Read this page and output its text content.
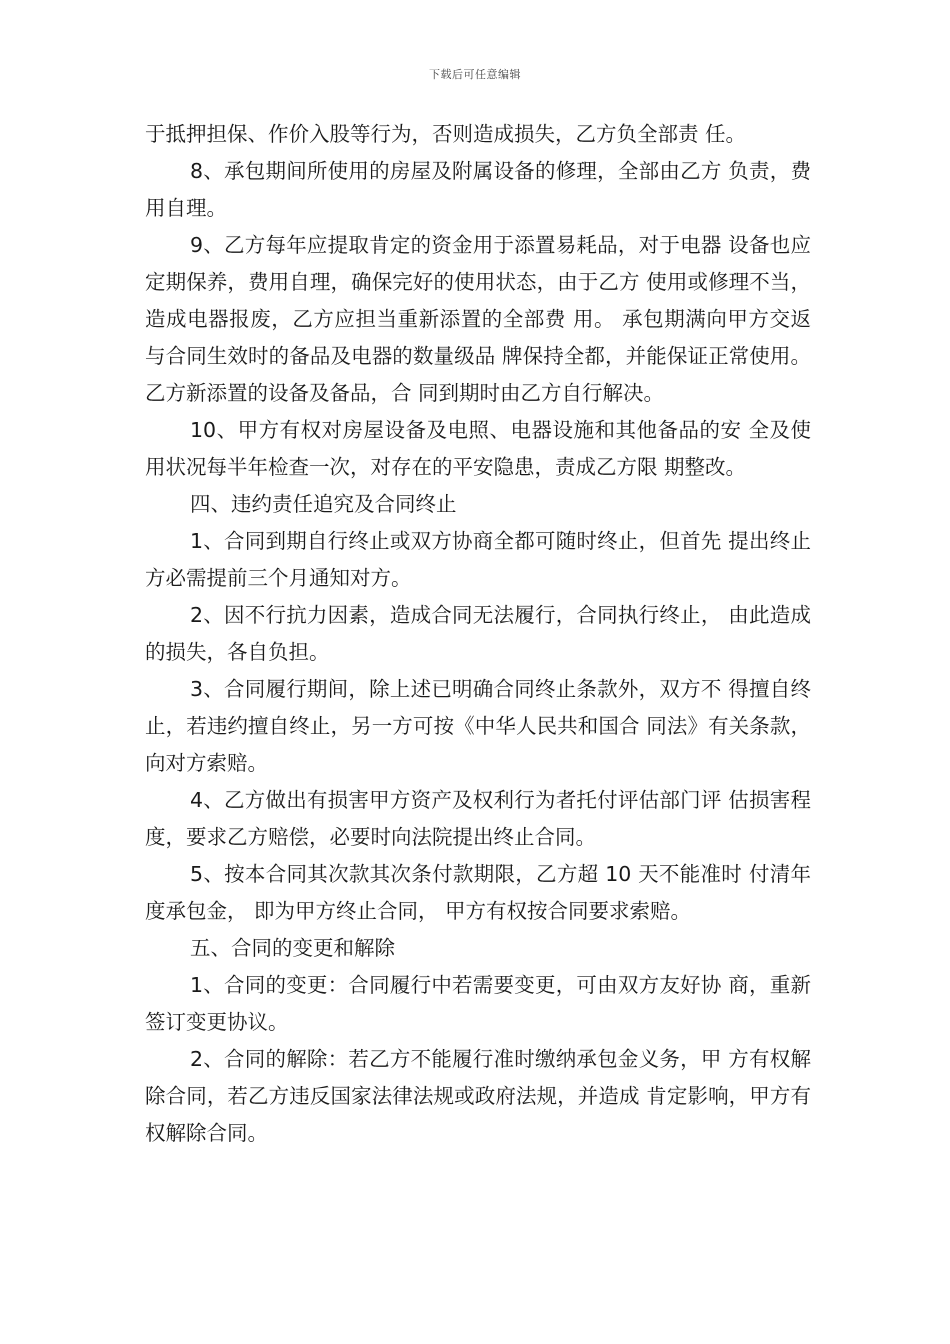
下载后可任意编辑

于抵押担保、作价入股等行为，否则造成损失，乙方负全部责 任。

8、承包期间所使用的房屋及附属设备的修理，全部由乙方 负责，费用自理。

9、乙方每年应提取肯定的资金用于添置易耗品，对于电器 设备也应定期保养，费用自理，确保完好的使用状态，由于乙方 使用或修理不当，造成电器报废，乙方应担当重新添置的全部费 用。 承包期满向甲方交返与合同生效时的备品及电器的数量级品 牌保持全都，并能保证正常使用。乙方新添置的设备及备品，合 同到期时由乙方自行解决。

10、甲方有权对房屋设备及电照、电器设施和其他备品的安 全及使用状况每半年检查一次，对存在的平安隐患，责成乙方限 期整改。

四、违约责任追究及合同终止

1、合同到期自行终止或双方协商全都可随时终止，但首先 提出终止方必需提前三个月通知对方。

2、因不行抗力因素，造成合同无法履行，合同执行终止， 由此造成的损失，各自负担。

3、合同履行期间，除上述已明确合同终止条款外，双方不 得擅自终止，若违约擅自终止，另一方可按《中华人民共和国合 同法》有关条款，向对方索赔。

4、乙方做出有损害甲方资产及权利行为者托付评估部门评 估损害程度，要求乙方赔偿，必要时向法院提出终止合同。

5、按本合同其次款其次条付款期限，乙方超 10 天不能准时 付清年度承包金， 即为甲方终止合同， 甲方有权按合同要求索赔。

五、合同的变更和解除

1、合同的变更：合同履行中若需要变更，可由双方友好协 商，重新签订变更协议。

2、合同的解除：若乙方不能履行准时缴纳承包金义务，甲 方有权解除合同，若乙方违反国家法律法规或政府法规，并造成 肯定影响，甲方有权解除合同。
